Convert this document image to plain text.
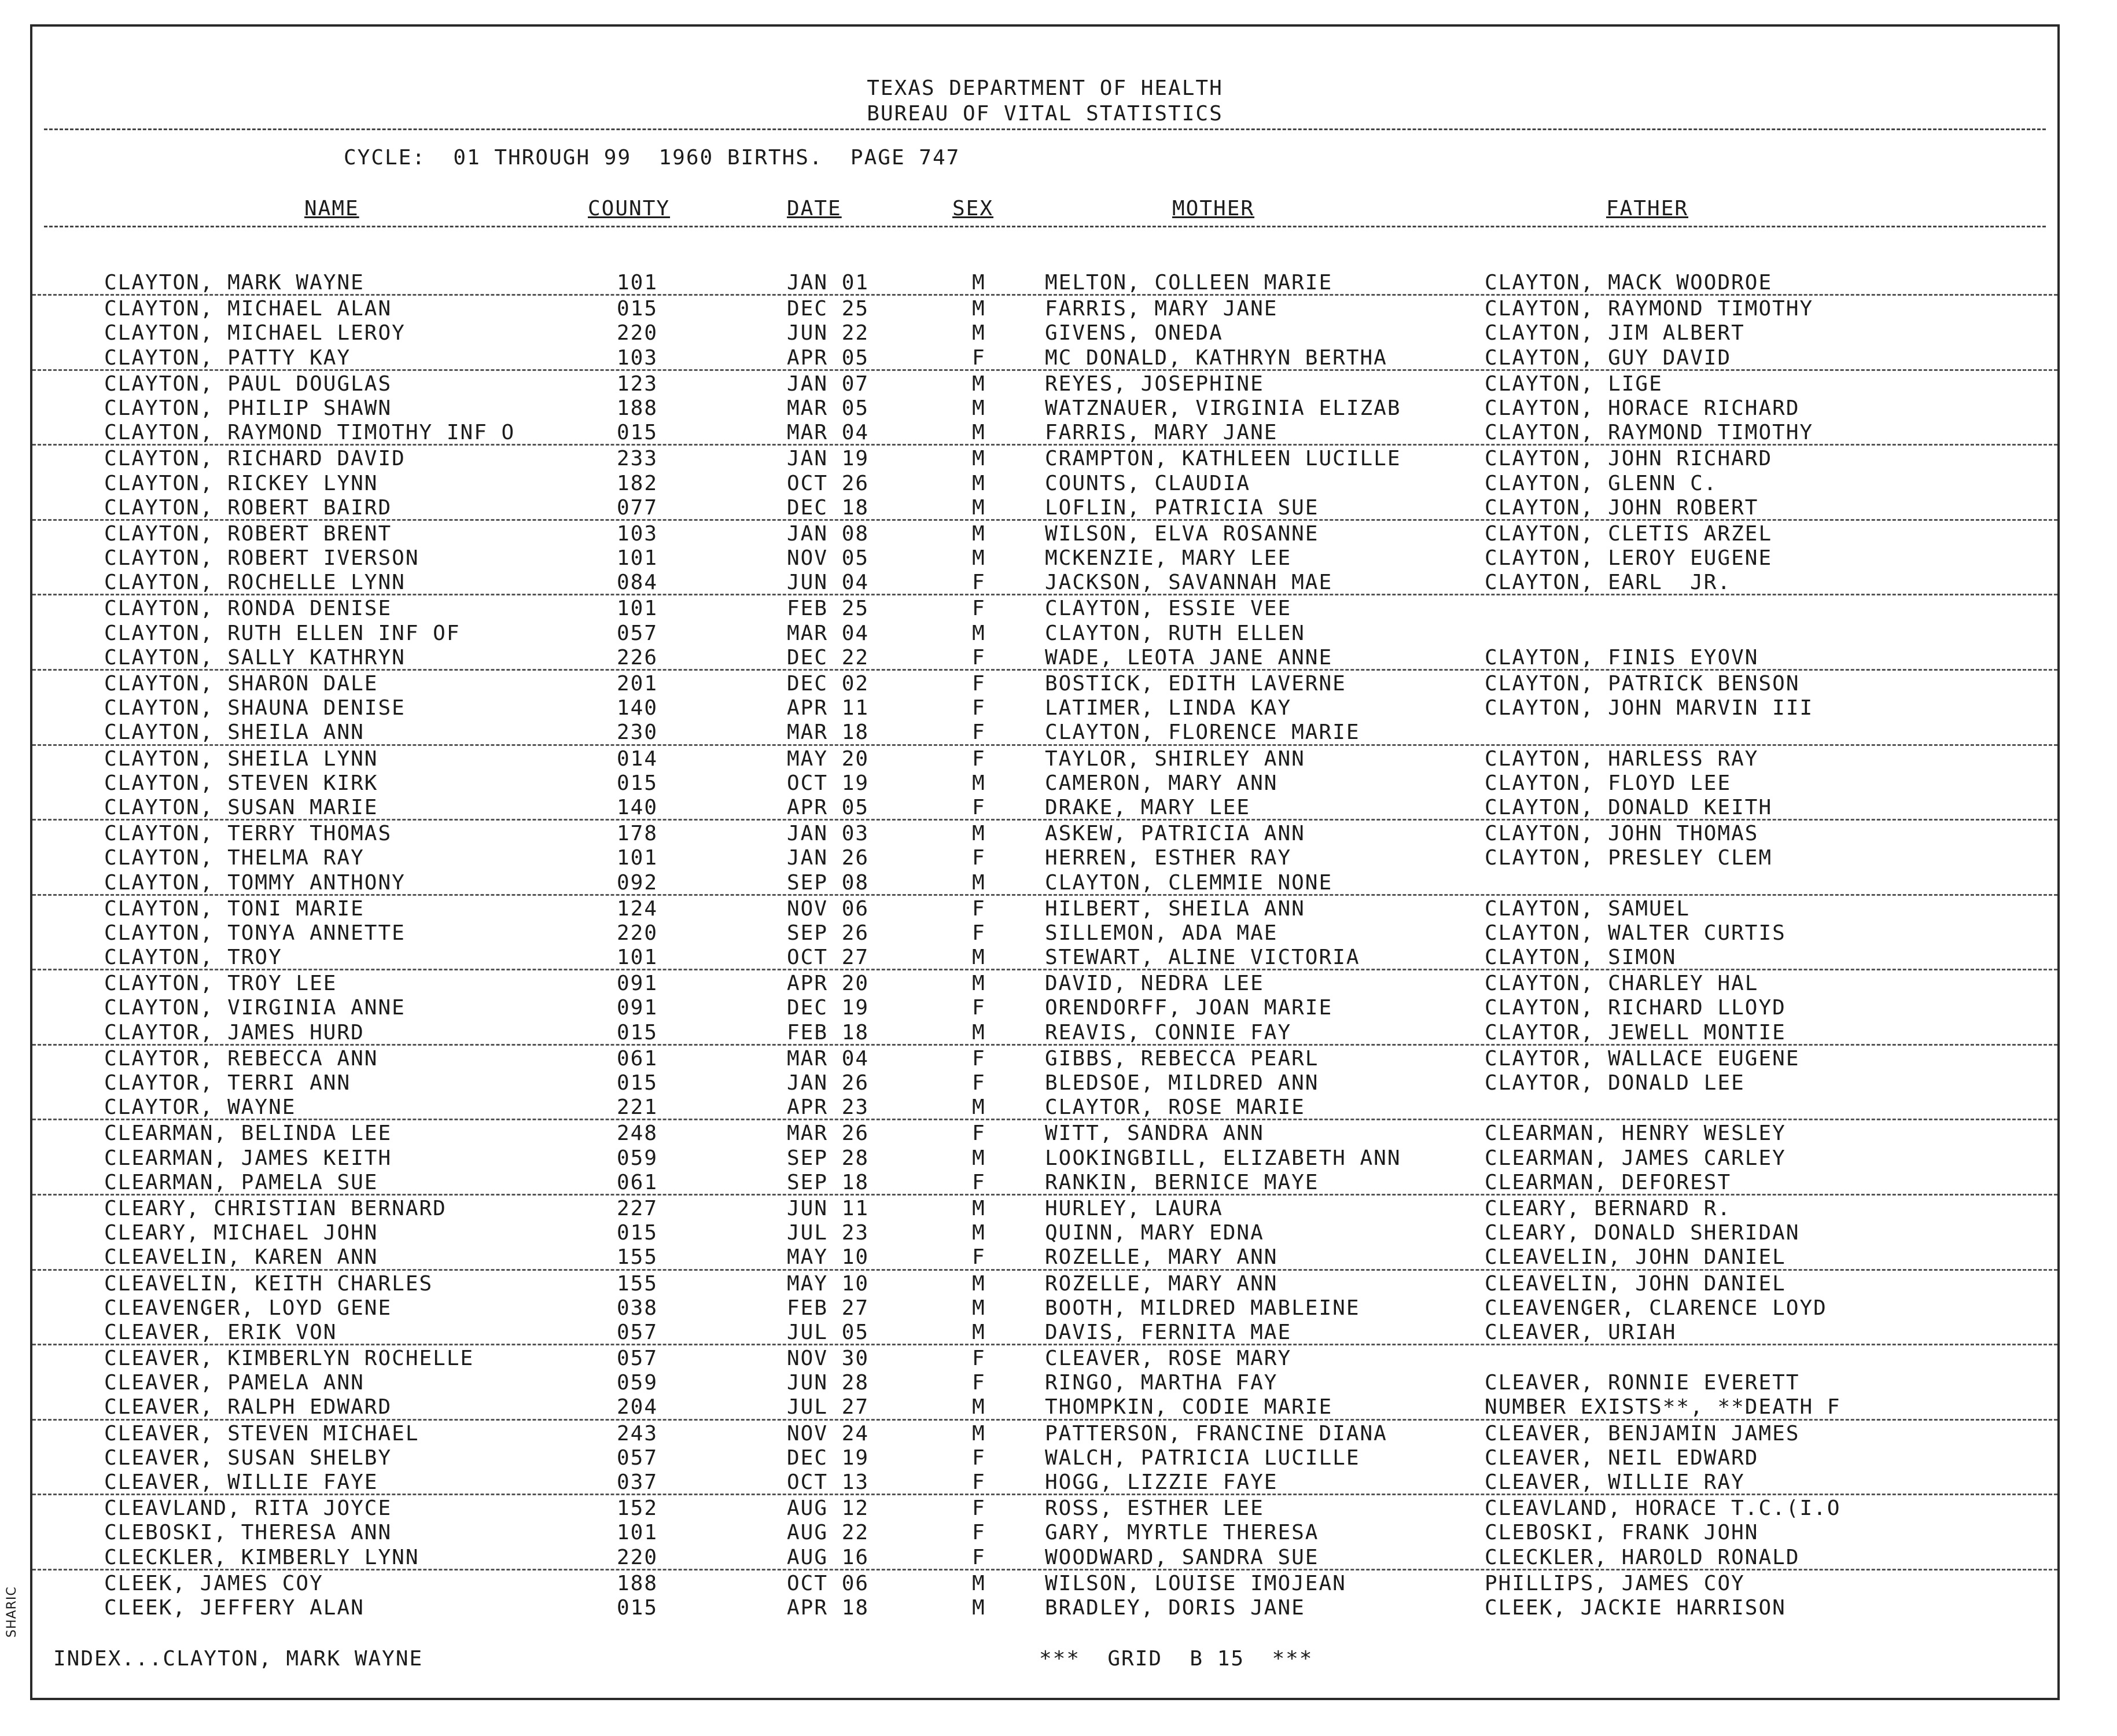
TEXAS DEPARTMENT OF HEALTH
BUREAU OF VITAL STATISTICS
CYCLE:  01 THROUGH 99  1960 BIRTHS.  PAGE 747
NAME	COUNTY	DATE	SEX	MOTHER	FATHER
CLAYTON, MARK WAYNE	101	JAN 01	M	MELTON, COLLEEN MARIE	CLAYTON, MACK WOODROE
CLAYTON, MICHAEL ALAN	015	DEC 25	M	FARRIS, MARY JANE	CLAYTON, RAYMOND TIMOTHY
CLAYTON, MICHAEL LEROY	220	JUN 22	M	GIVENS, ONEDA	CLAYTON, JIM ALBERT
CLAYTON, PATTY KAY	103	APR 05	F	MC DONALD, KATHRYN BERTHA	CLAYTON, GUY DAVID
CLAYTON, PAUL DOUGLAS	123	JAN 07	M	REYES, JOSEPHINE	CLAYTON, LIGE
CLAYTON, PHILIP SHAWN	188	MAR 05	M	WATZNAUER, VIRGINIA ELIZAB	CLAYTON, HORACE RICHARD
CLAYTON, RAYMOND TIMOTHY INF O	015	MAR 04	M	FARRIS, MARY JANE	CLAYTON, RAYMOND TIMOTHY
CLAYTON, RICHARD DAVID	233	JAN 19	M	CRAMPTON, KATHLEEN LUCILLE	CLAYTON, JOHN RICHARD
CLAYTON, RICKEY LYNN	182	OCT 26	M	COUNTS, CLAUDIA	CLAYTON, GLENN C.
CLAYTON, ROBERT BAIRD	077	DEC 18	M	LOFLIN, PATRICIA SUE	CLAYTON, JOHN ROBERT
CLAYTON, ROBERT BRENT	103	JAN 08	M	WILSON, ELVA ROSANNE	CLAYTON, CLETIS ARZEL
CLAYTON, ROBERT IVERSON	101	NOV 05	M	MCKENZIE, MARY LEE	CLAYTON, LEROY EUGENE
CLAYTON, ROCHELLE LYNN	084	JUN 04	F	JACKSON, SAVANNAH MAE	CLAYTON, EARL  JR.
CLAYTON, RONDA DENISE	101	FEB 25	F	CLAYTON, ESSIE VEE
CLAYTON, RUTH ELLEN INF OF	057	MAR 04	M	CLAYTON, RUTH ELLEN
CLAYTON, SALLY KATHRYN	226	DEC 22	F	WADE, LEOTA JANE ANNE	CLAYTON, FINIS EYOVN
CLAYTON, SHARON DALE	201	DEC 02	F	BOSTICK, EDITH LAVERNE	CLAYTON, PATRICK BENSON
CLAYTON, SHAUNA DENISE	140	APR 11	F	LATIMER, LINDA KAY	CLAYTON, JOHN MARVIN III
CLAYTON, SHEILA ANN	230	MAR 18	F	CLAYTON, FLORENCE MARIE
CLAYTON, SHEILA LYNN	014	MAY 20	F	TAYLOR, SHIRLEY ANN	CLAYTON, HARLESS RAY
CLAYTON, STEVEN KIRK	015	OCT 19	M	CAMERON, MARY ANN	CLAYTON, FLOYD LEE
CLAYTON, SUSAN MARIE	140	APR 05	F	DRAKE, MARY LEE	CLAYTON, DONALD KEITH
CLAYTON, TERRY THOMAS	178	JAN 03	M	ASKEW, PATRICIA ANN	CLAYTON, JOHN THOMAS
CLAYTON, THELMA RAY	101	JAN 26	F	HERREN, ESTHER RAY	CLAYTON, PRESLEY CLEM
CLAYTON, TOMMY ANTHONY	092	SEP 08	M	CLAYTON, CLEMMIE NONE
CLAYTON, TONI MARIE	124	NOV 06	F	HILBERT, SHEILA ANN	CLAYTON, SAMUEL
CLAYTON, TONYA ANNETTE	220	SEP 26	F	SILLEMON, ADA MAE	CLAYTON, WALTER CURTIS
CLAYTON, TROY	101	OCT 27	M	STEWART, ALINE VICTORIA	CLAYTON, SIMON
CLAYTON, TROY LEE	091	APR 20	M	DAVID, NEDRA LEE	CLAYTON, CHARLEY HAL
CLAYTON, VIRGINIA ANNE	091	DEC 19	F	ORENDORFF, JOAN MARIE	CLAYTON, RICHARD LLOYD
CLAYTOR, JAMES HURD	015	FEB 18	M	REAVIS, CONNIE FAY	CLAYTOR, JEWELL MONTIE
CLAYTOR, REBECCA ANN	061	MAR 04	F	GIBBS, REBECCA PEARL	CLAYTOR, WALLACE EUGENE
CLAYTOR, TERRI ANN	015	JAN 26	F	BLEDSOE, MILDRED ANN	CLAYTOR, DONALD LEE
CLAYTOR, WAYNE	221	APR 23	M	CLAYTOR, ROSE MARIE
CLEARMAN, BELINDA LEE	248	MAR 26	F	WITT, SANDRA ANN	CLEARMAN, HENRY WESLEY
CLEARMAN, JAMES KEITH	059	SEP 28	M	LOOKINGBILL, ELIZABETH ANN	CLEARMAN, JAMES CARLEY
CLEARMAN, PAMELA SUE	061	SEP 18	F	RANKIN, BERNICE MAYE	CLEARMAN, DEFOREST
CLEARY, CHRISTIAN BERNARD	227	JUN 11	M	HURLEY, LAURA	CLEARY, BERNARD R.
CLEARY, MICHAEL JOHN	015	JUL 23	M	QUINN, MARY EDNA	CLEARY, DONALD SHERIDAN
CLEAVELIN, KAREN ANN	155	MAY 10	F	ROZELLE, MARY ANN	CLEAVELIN, JOHN DANIEL
CLEAVELIN, KEITH CHARLES	155	MAY 10	M	ROZELLE, MARY ANN	CLEAVELIN, JOHN DANIEL
CLEAVENGER, LOYD GENE	038	FEB 27	M	BOOTH, MILDRED MABLEINE	CLEAVENGER, CLARENCE LOYD
CLEAVER, ERIK VON	057	JUL 05	M	DAVIS, FERNITA MAE	CLEAVER, URIAH
CLEAVER, KIMBERLYN ROCHELLE	057	NOV 30	F	CLEAVER, ROSE MARY
CLEAVER, PAMELA ANN	059	JUN 28	F	RINGO, MARTHA FAY	CLEAVER, RONNIE EVERETT
CLEAVER, RALPH EDWARD	204	JUL 27	M	THOMPKIN, CODIE MARIE	NUMBER EXISTS**, **DEATH F
CLEAVER, STEVEN MICHAEL	243	NOV 24	M	PATTERSON, FRANCINE DIANA	CLEAVER, BENJAMIN JAMES
CLEAVER, SUSAN SHELBY	057	DEC 19	F	WALCH, PATRICIA LUCILLE	CLEAVER, NEIL EDWARD
CLEAVER, WILLIE FAYE	037	OCT 13	F	HOGG, LIZZIE FAYE	CLEAVER, WILLIE RAY
CLEAVLAND, RITA JOYCE	152	AUG 12	F	ROSS, ESTHER LEE	CLEAVLAND, HORACE T.C.(I.O
CLEBOSKI, THERESA ANN	101	AUG 22	F	GARY, MYRTLE THERESA	CLEBOSKI, FRANK JOHN
CLECKLER, KIMBERLY LYNN	220	AUG 16	F	WOODWARD, SANDRA SUE	CLECKLER, HAROLD RONALD
CLEEK, JAMES COY	188	OCT 06	M	WILSON, LOUISE IMOJEAN	PHILLIPS, JAMES COY
CLEEK, JEFFERY ALAN	015	APR 18	M	BRADLEY, DORIS JANE	CLEEK, JACKIE HARRISON
INDEX...CLAYTON, MARK WAYNE	***  GRID  B 15  ***
SHARIC
